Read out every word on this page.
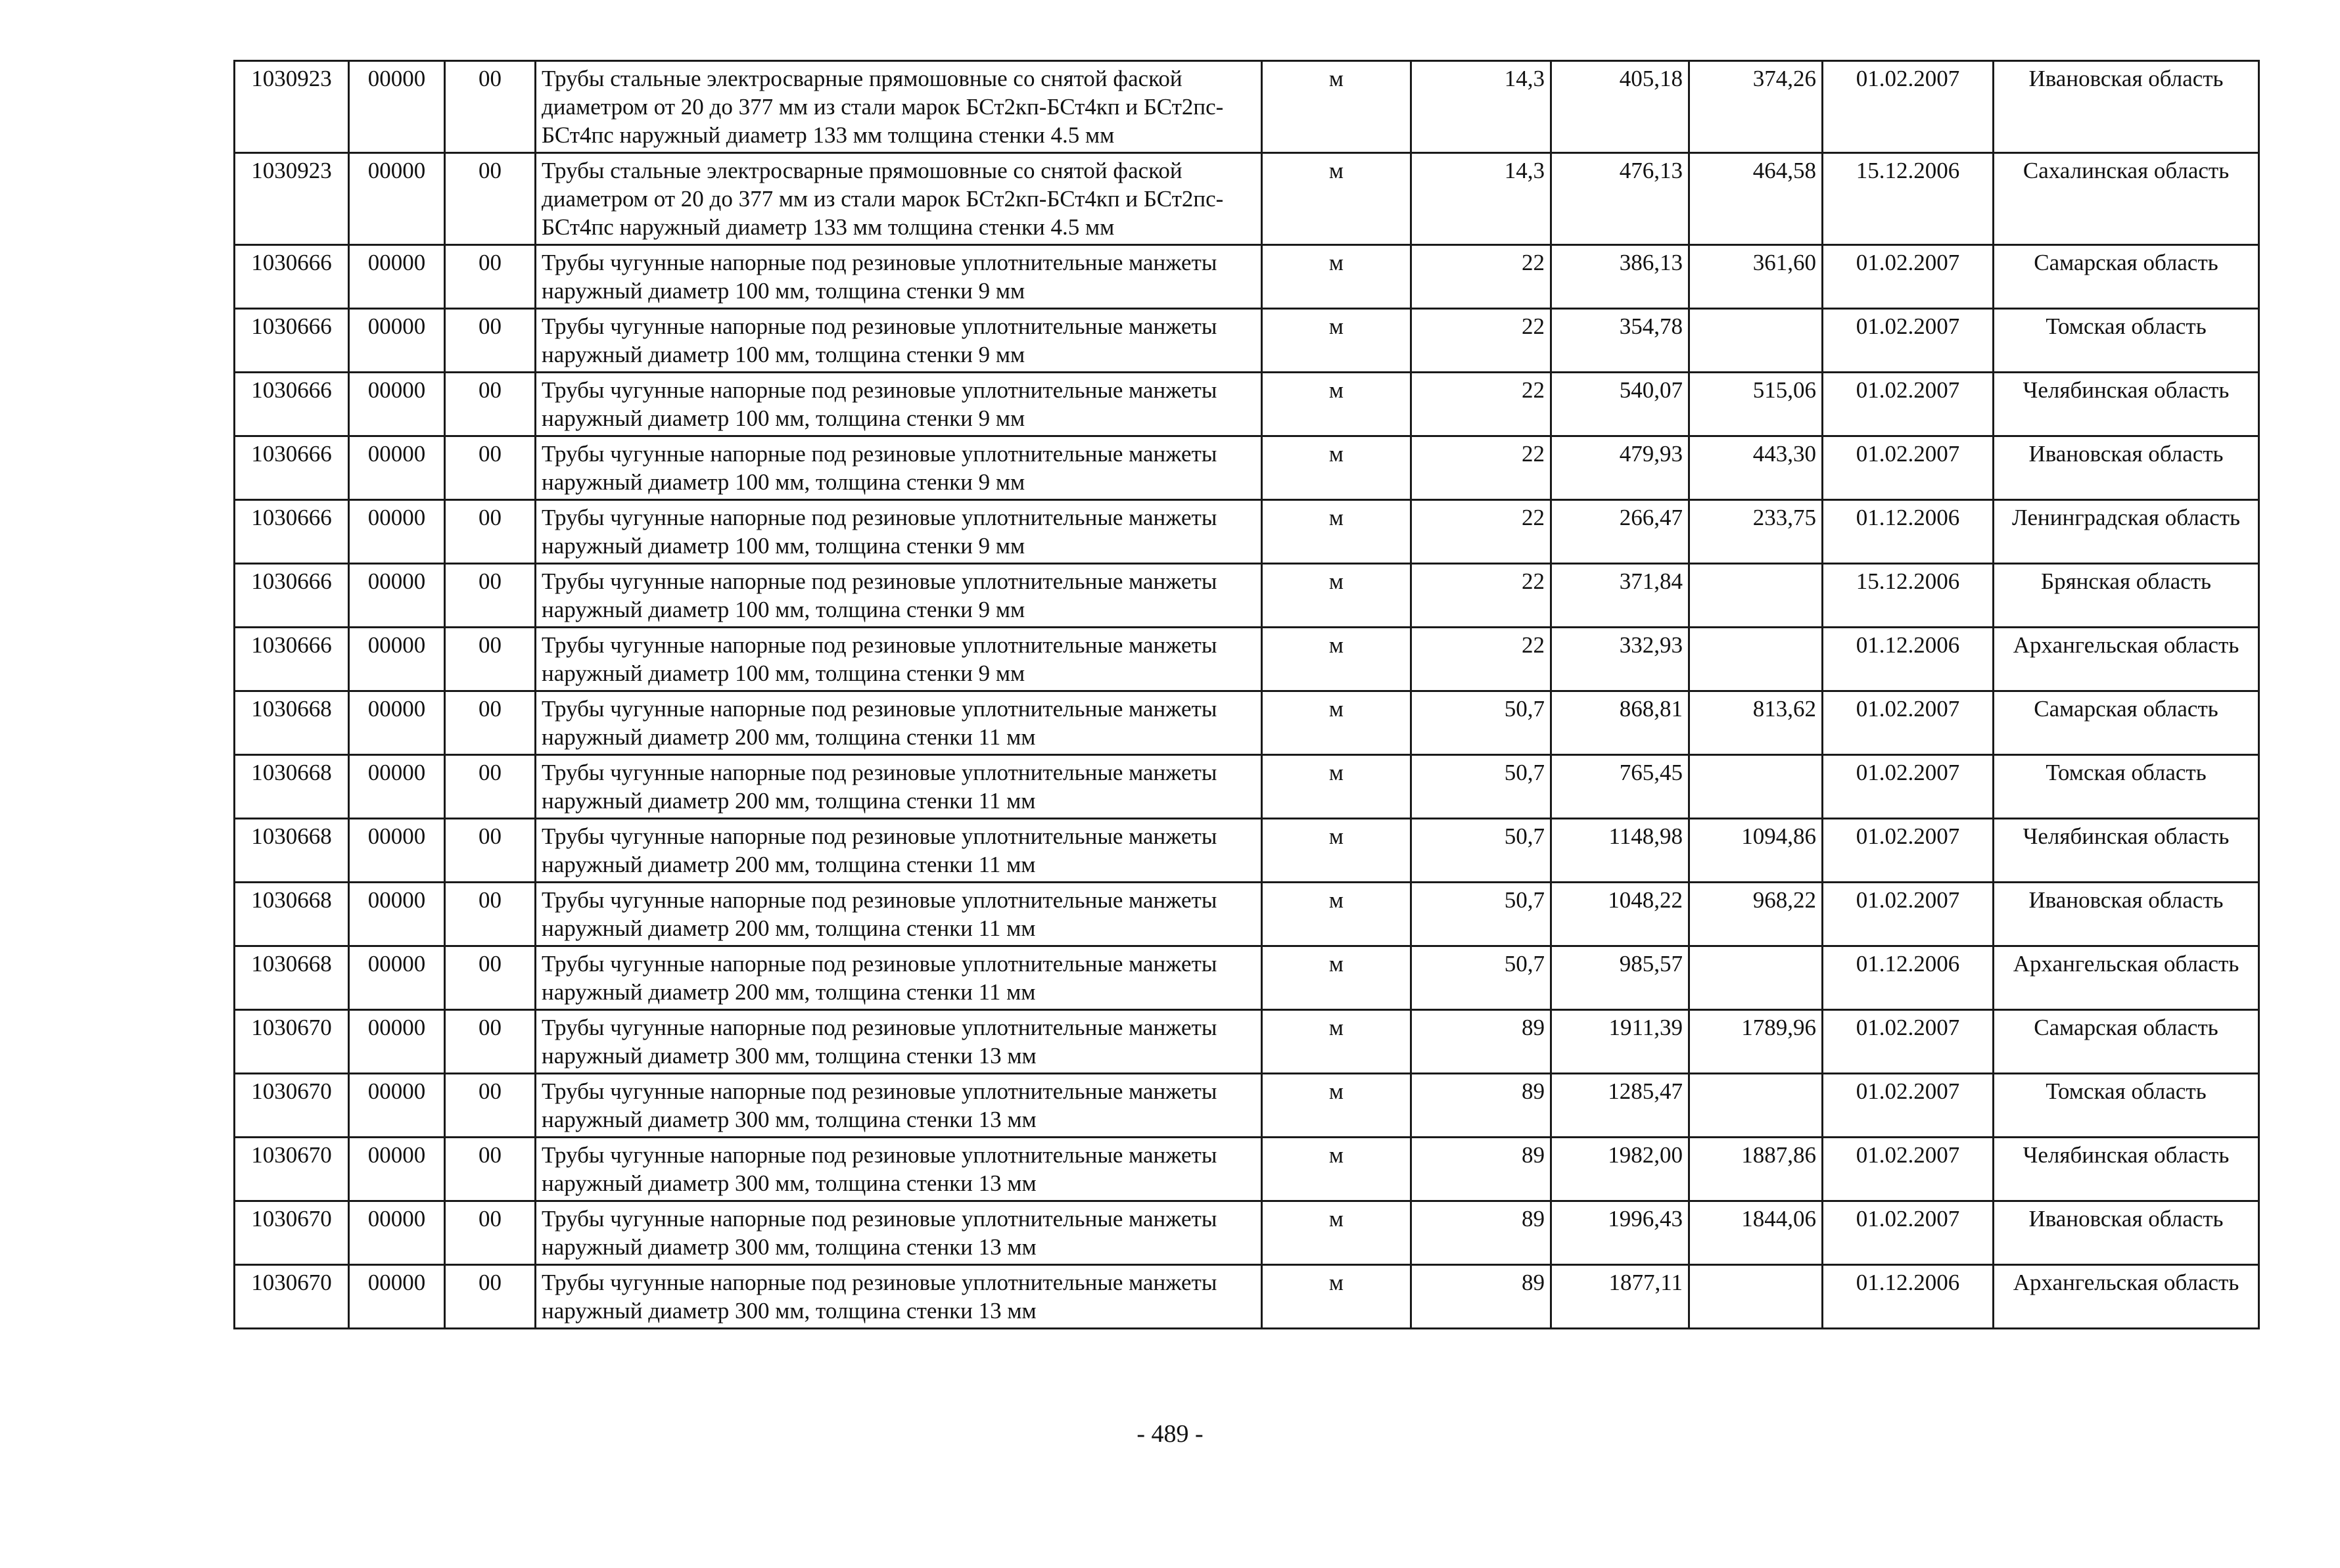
1030923	00000	00	Трубы стальные электросварные прямошовные со снятой фаской диаметром от 20 до 377 мм из стали марок БСт2кп-БСт4кп и БСт2пс-БСт4пс наружный диаметр 133 мм толщина стенки 4.5 мм	м	14,3	405,18	374,26	01.02.2007	Ивановская область
1030923	00000	00	Трубы стальные электросварные прямошовные со снятой фаской диаметром от 20 до 377 мм из стали марок БСт2кп-БСт4кп и БСт2пс-БСт4пс наружный диаметр 133 мм толщина стенки 4.5 мм	м	14,3	476,13	464,58	15.12.2006	Сахалинская область
1030666	00000	00	Трубы чугунные напорные под резиновые уплотнительные манжеты наружный диаметр 100 мм, толщина стенки 9 мм	м	22	386,13	361,60	01.02.2007	Самарская область
1030666	00000	00	Трубы чугунные напорные под резиновые уплотнительные манжеты наружный диаметр 100 мм, толщина стенки 9 мм	м	22	354,78		01.02.2007	Томская область
1030666	00000	00	Трубы чугунные напорные под резиновые уплотнительные манжеты наружный диаметр 100 мм, толщина стенки 9 мм	м	22	540,07	515,06	01.02.2007	Челябинская область
1030666	00000	00	Трубы чугунные напорные под резиновые уплотнительные манжеты наружный диаметр 100 мм, толщина стенки 9 мм	м	22	479,93	443,30	01.02.2007	Ивановская область
1030666	00000	00	Трубы чугунные напорные под резиновые уплотнительные манжеты наружный диаметр 100 мм, толщина стенки 9 мм	м	22	266,47	233,75	01.12.2006	Ленинградская область
1030666	00000	00	Трубы чугунные напорные под резиновые уплотнительные манжеты наружный диаметр 100 мм, толщина стенки 9 мм	м	22	371,84		15.12.2006	Брянская область
1030666	00000	00	Трубы чугунные напорные под резиновые уплотнительные манжеты наружный диаметр 100 мм, толщина стенки 9 мм	м	22	332,93		01.12.2006	Архангельская область
1030668	00000	00	Трубы чугунные напорные под резиновые уплотнительные манжеты наружный диаметр 200 мм, толщина стенки 11 мм	м	50,7	868,81	813,62	01.02.2007	Самарская область
1030668	00000	00	Трубы чугунные напорные под резиновые уплотнительные манжеты наружный диаметр 200 мм, толщина стенки 11 мм	м	50,7	765,45		01.02.2007	Томская область
1030668	00000	00	Трубы чугунные напорные под резиновые уплотнительные манжеты наружный диаметр 200 мм, толщина стенки 11 мм	м	50,7	1148,98	1094,86	01.02.2007	Челябинская область
1030668	00000	00	Трубы чугунные напорные под резиновые уплотнительные манжеты наружный диаметр 200 мм, толщина стенки 11 мм	м	50,7	1048,22	968,22	01.02.2007	Ивановская область
1030668	00000	00	Трубы чугунные напорные под резиновые уплотнительные манжеты наружный диаметр 200 мм, толщина стенки 11 мм	м	50,7	985,57		01.12.2006	Архангельская область
1030670	00000	00	Трубы чугунные напорные под резиновые уплотнительные манжеты наружный диаметр 300 мм, толщина стенки 13 мм	м	89	1911,39	1789,96	01.02.2007	Самарская область
1030670	00000	00	Трубы чугунные напорные под резиновые уплотнительные манжеты наружный диаметр 300 мм, толщина стенки 13 мм	м	89	1285,47		01.02.2007	Томская область
1030670	00000	00	Трубы чугунные напорные под резиновые уплотнительные манжеты наружный диаметр 300 мм, толщина стенки 13 мм	м	89	1982,00	1887,86	01.02.2007	Челябинская область
1030670	00000	00	Трубы чугунные напорные под резиновые уплотнительные манжеты наружный диаметр 300 мм, толщина стенки 13 мм	м	89	1996,43	1844,06	01.02.2007	Ивановская область
1030670	00000	00	Трубы чугунные напорные под резиновые уплотнительные манжеты наружный диаметр 300 мм, толщина стенки 13 мм	м	89	1877,11		01.12.2006	Архангельская область
- 489 -
